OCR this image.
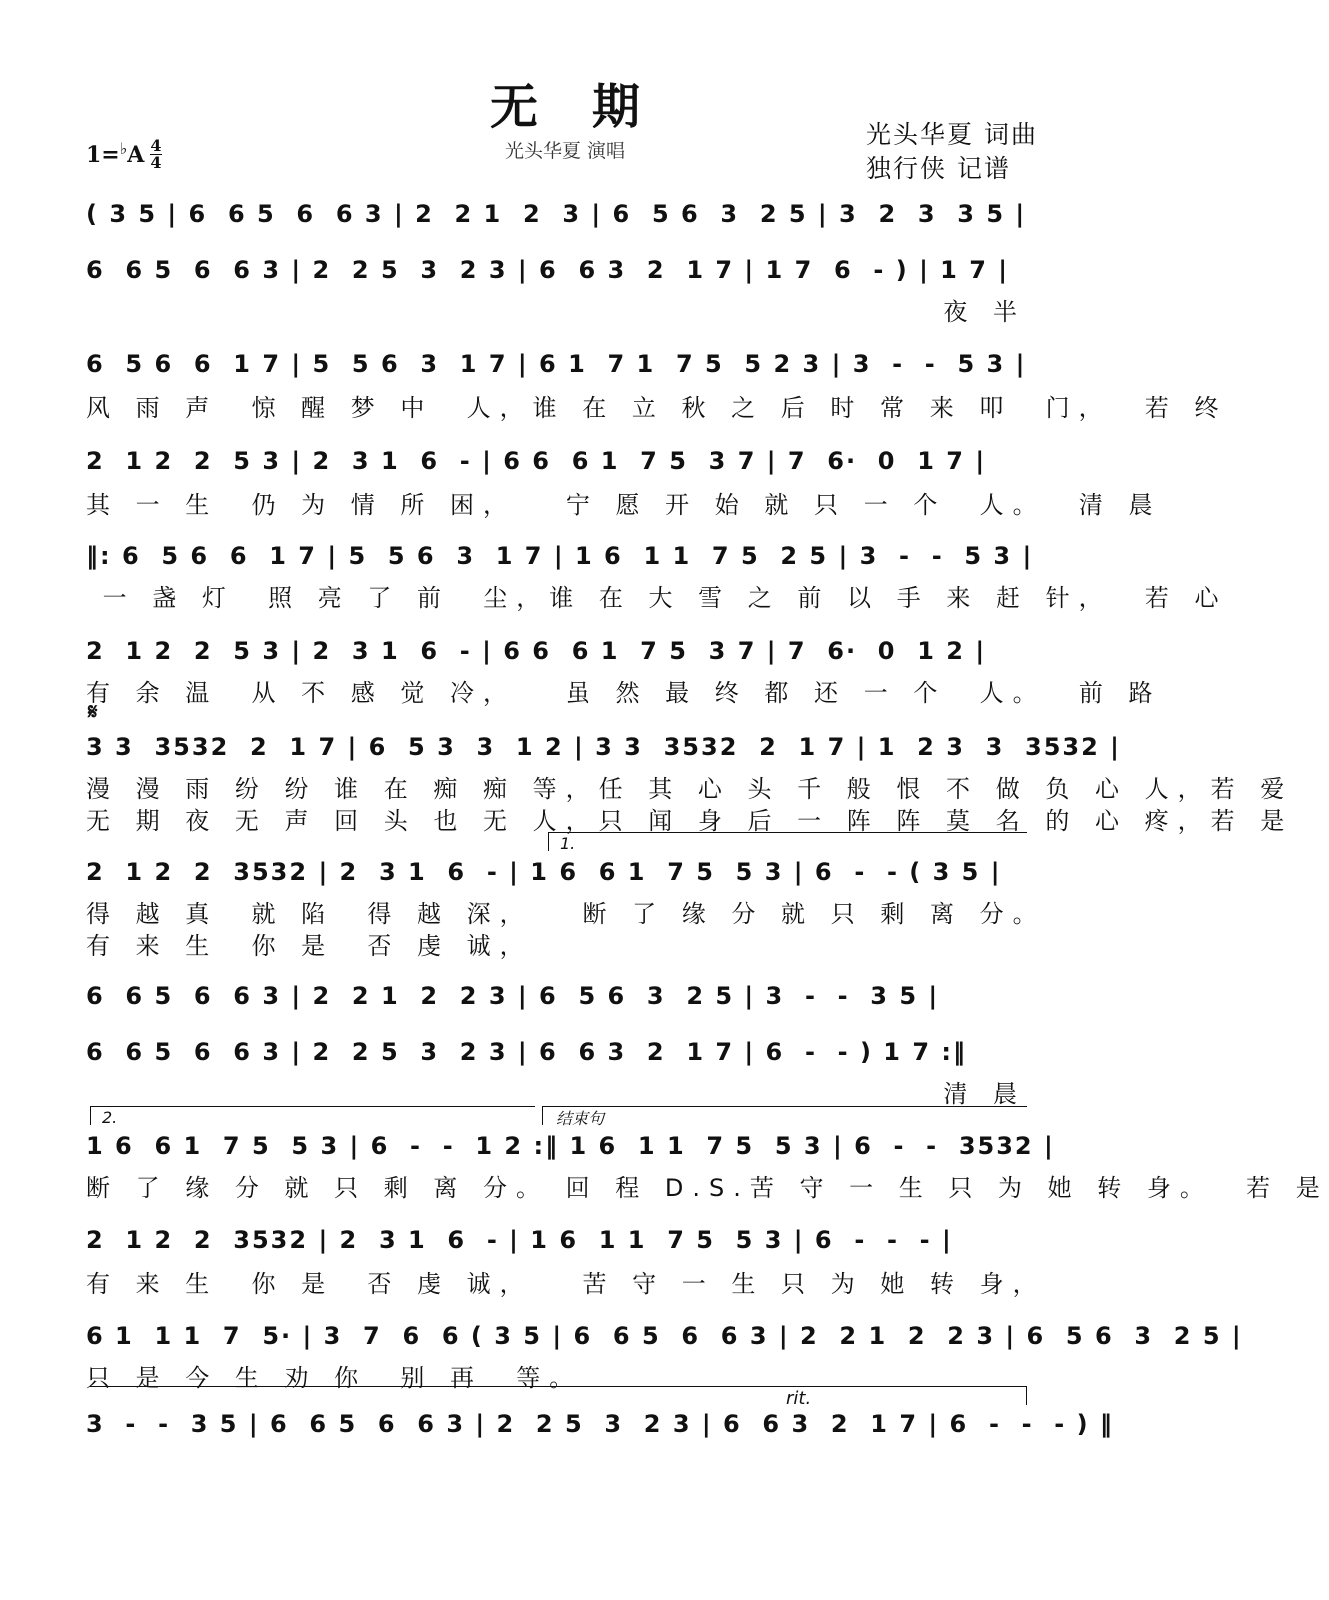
无期
光头华夏 演唱
光头华夏 词曲
独行侠 记谱
1= ♭ A $\frac{4}{4}$
( 3 5 | 6  6 5  6  6 3 | 2  2 1  2  3 | 6  5 6  3  2 5 | 3  2  3  3 5 |
6  6 5  6  6 3 | 2  2 5  3  2 3 | 6  6 3  2  1 7 | 1 7  6  - ) | 1 7 |
夜 半
6  5 6  6  1 7 | 5  5 6  3  1 7 | 6 1  7 1  7 5  5 2 3 | 3  -  -  5 3 |
风 雨 声  惊 醒 梦 中  人，谁 在 立 秋 之 后 时 常 来 叩  门，  若 终
2  1 2  2  5 3 | 2  3 1  6  - | 6 6  6 1  7 5  3 7 | 7  6·  0  1 7 |
其 一 生  仍 为 情 所 困，   宁 愿 开 始 就 只 一 个  人。  清 晨
‖: 6  5 6  6  1 7 | 5  5 6  3  1 7 | 1 6  1 1  7 5  2 5 | 3  -  -  5 3 |
一 盏 灯  照 亮 了 前  尘，谁 在 大 雪 之 前 以 手 来 赶 针，  若 心
2  1 2  2  5 3 | 2  3 1  6  - | 6 6  6 1  7 5  3 7 | 7  6·  0  1 2 |
有 余 温  从 不 感 觉 冷，   虽 然 最 终 都 还 一 个  人。  前 路
𝄋
3 3  3532  2  1 7 | 6  5 3  3  1 2 | 3 3  3532  2  1 7 | 1  2 3  3  3532 |
漫 漫 雨 纷 纷 谁 在 痴 痴 等，任 其 心 头 千 般 恨 不 做 负 心 人，若 爱
无 期 夜 无 声 回 头 也 无 人，只 闻 身 后 一 阵 阵 莫 名 的 心 疼，若 是
1.
2  1 2  2  3532 | 2  3 1  6  - | 1 6  6 1  7 5  5 3 | 6  -  - ( 3 5 |
得 越 真  就 陷  得 越 深，   断 了 缘 分 就 只 剩 离 分。
有 来 生  你 是  否 虔 诚，
6  6 5  6  6 3 | 2  2 1  2  2 3 | 6  5 6  3  2 5 | 3  -  -  3 5 |
6  6 5  6  6 3 | 2  2 5  3  2 3 | 6  6 3  2  1 7 | 6  -  - ) 1 7 :‖
清 晨
2.	结束句
1 6  6 1  7 5  5 3 | 6  -  -  1 2 :‖ 1 6  1 1  7 5  5 3 | 6  -  -  3532 |
断 了 缘 分 就 只 剩 离 分。 回 程 D.S.苦 守 一 生 只 为 她 转 身。  若 是
2  1 2  2  3532 | 2  3 1  6  - | 1 6  1 1  7 5  5 3 | 6  -  -  - |
有 来 生  你 是  否 虔 诚，   苦 守 一 生 只 为 她 转 身，
6 1  1 1  7  5· | 3  7  6  6 ( 3 5 | 6  6 5  6  6 3 | 2  2 1  2  2 3 | 6  5 6  3  2 5 |
只 是 今 生 劝 你  别 再  等。
rit.
3  -  -  3 5 | 6  6 5  6  6 3 | 2  2 5  3  2 3 | 6  6 3  2  1 7 | 6  -  -  - ) ‖
